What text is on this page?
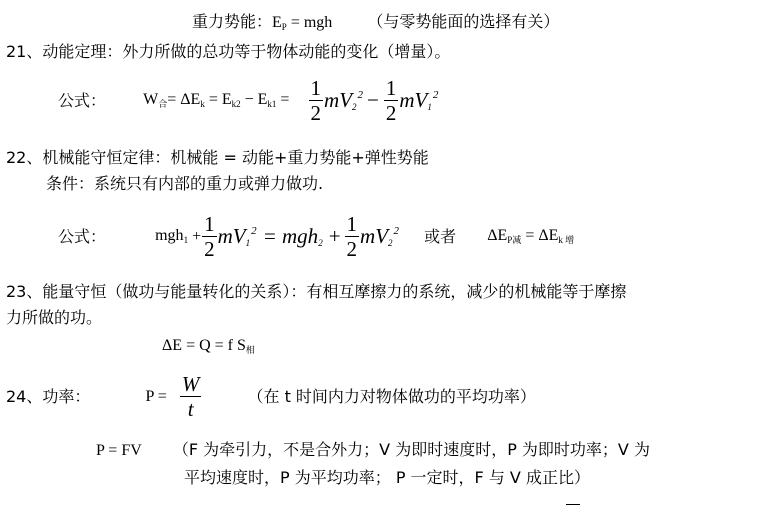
重力势能：$E_P$ = mgh （与零势能面的选择有关）
21、动能定理：外力所做的总功等于物体动能的变化（增量）。
公式： $W_合= \Delta E_k = E_{k2} - E_{k1} = \frac{1}{2} mV_2^2 - \frac{1}{2} mV_1^2$
22、机械能守恒定律：机械能 = 动能+重力势能+弹性势能
条件：系统只有内部的重力或弹力做功.
公式：	$mgh_1 + \frac{1}{2} mV_1^2 = mgh_2 + \frac{1}{2} mV_2^2$ 或者 $\Delta E_{P减} = \Delta E_{k 增}$
23、能量守恒（做功与能量转化的关系）：有相互摩擦力的系统，减少的机械能等于摩擦
力所做的功。
ΔE = Q = f $S_相$
24、功率：	$P = \frac{W}{t}$	（在 t 时间内力对物体做功的平均功率）
P = FV （F 为牵引力，不是合外力；V 为即时速度时，P 为即时功率；V 为
平均速度时，P 为平均功率； P 一定时，F 与 V 成正比）
